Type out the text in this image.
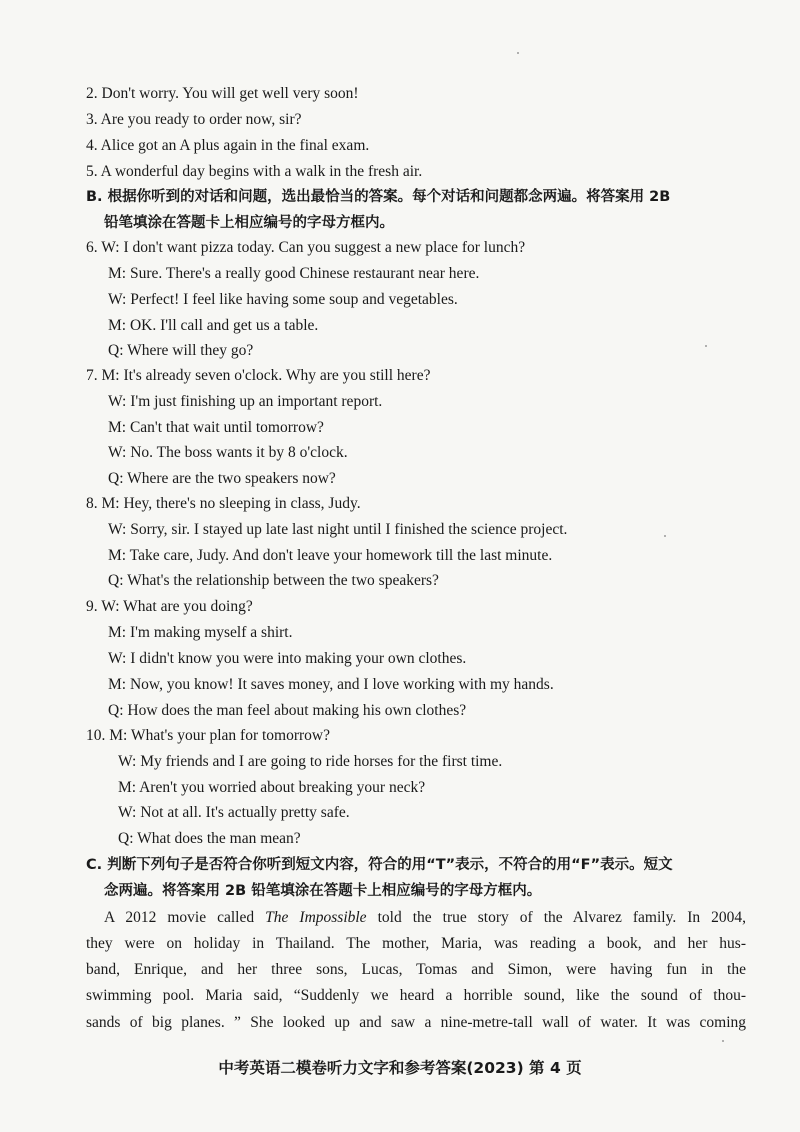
2. Don't worry. You will get well very soon!
3. Are you ready to order now, sir?
4. Alice got an A plus again in the final exam.
5. A wonderful day begins with a walk in the fresh air.
B. 根据你听到的对话和问题，选出最恰当的答案。每个对话和问题都念两遍。将答案用 2B
铅笔填涂在答题卡上相应编号的字母方框内。
6. W: I don't want pizza today. Can you suggest a new place for lunch?
M: Sure. There's a really good Chinese restaurant near here.
W: Perfect! I feel like having some soup and vegetables.
M: OK. I'll call and get us a table.
Q: Where will they go?
7. M: It's already seven o'clock. Why are you still here?
W: I'm just finishing up an important report.
M: Can't that wait until tomorrow?
W: No. The boss wants it by 8 o'clock.
Q: Where are the two speakers now?
8. M: Hey, there's no sleeping in class, Judy.
W: Sorry, sir. I stayed up late last night until I finished the science project.
M: Take care, Judy. And don't leave your homework till the last minute.
Q: What's the relationship between the two speakers?
9. W: What are you doing?
M: I'm making myself a shirt.
W: I didn't know you were into making your own clothes.
M: Now, you know! It saves money, and I love working with my hands.
Q: How does the man feel about making his own clothes?
10. M: What's your plan for tomorrow?
W: My friends and I are going to ride horses for the first time.
M: Aren't you worried about breaking your neck?
W: Not at all. It's actually pretty safe.
Q: What does the man mean?
C. 判断下列句子是否符合你听到短文内容，符合的用“T”表示，不符合的用“F”表示。短文
念两遍。将答案用 2B 铅笔填涂在答题卡上相应编号的字母方框内。
A 2012 movie called The Impossible told the true story of the Alvarez family. In 2004,
they were on holiday in Thailand. The mother, Maria, was reading a book, and her hus-
band, Enrique, and her three sons, Lucas, Tomas and Simon, were having fun in the
swimming pool. Maria said, “Suddenly we heard a horrible sound, like the sound of thou-
sands of big planes. ” She looked up and saw a nine-metre-tall wall of water. It was coming
中考英语二模卷听力文字和参考答案(2023) 第 4 页
